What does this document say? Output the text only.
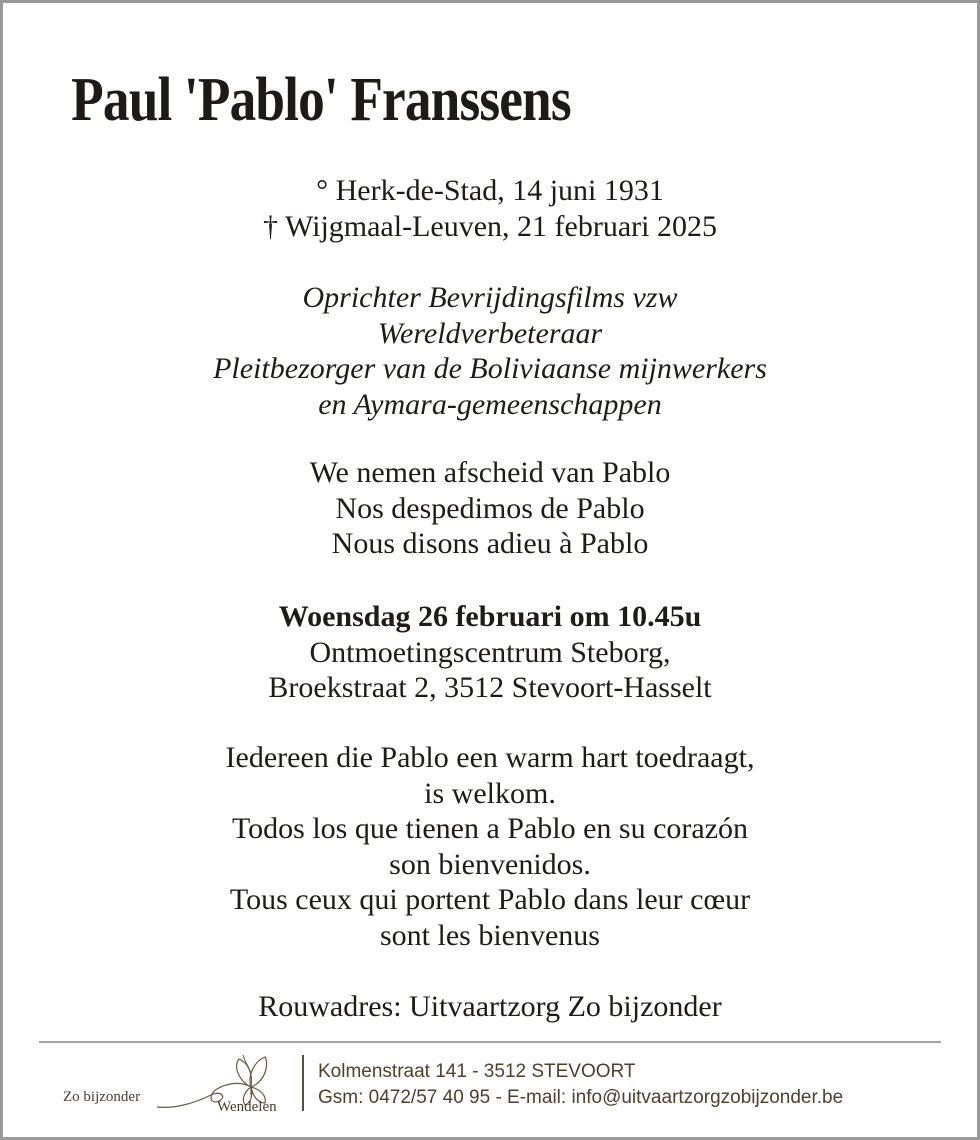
Paul 'Pablo' Franssens
° Herk-de-Stad, 14 juni 1931
† Wijgmaal-Leuven, 21 februari 2025
Oprichter Bevrijdingsfilms vzw
Wereldverbeteraar
Pleitbezorger van de Boliviaanse mijnwerkers
en Aymara-gemeenschappen
We nemen afscheid van Pablo
Nos despedimos de Pablo
Nous disons adieu à Pablo
Woensdag 26 februari om 10.45u
Ontmoetingscentrum Steborg,
Broekstraat 2, 3512 Stevoort-Hasselt
Iedereen die Pablo een warm hart toedraagt,
is welkom.
Todos los que tienen a Pablo en su corazón
son bienvenidos.
Tous ceux qui portent Pablo dans leur cœur
sont les bienvenus
Rouwadres: Uitvaartzorg Zo bijzonder
Zo bijzonder
Wendelen
Kolmenstraat 141 - 3512 STEVOORT
Gsm: 0472/57 40 95 - E-mail: info@uitvaartzorgzobijzonder.be
